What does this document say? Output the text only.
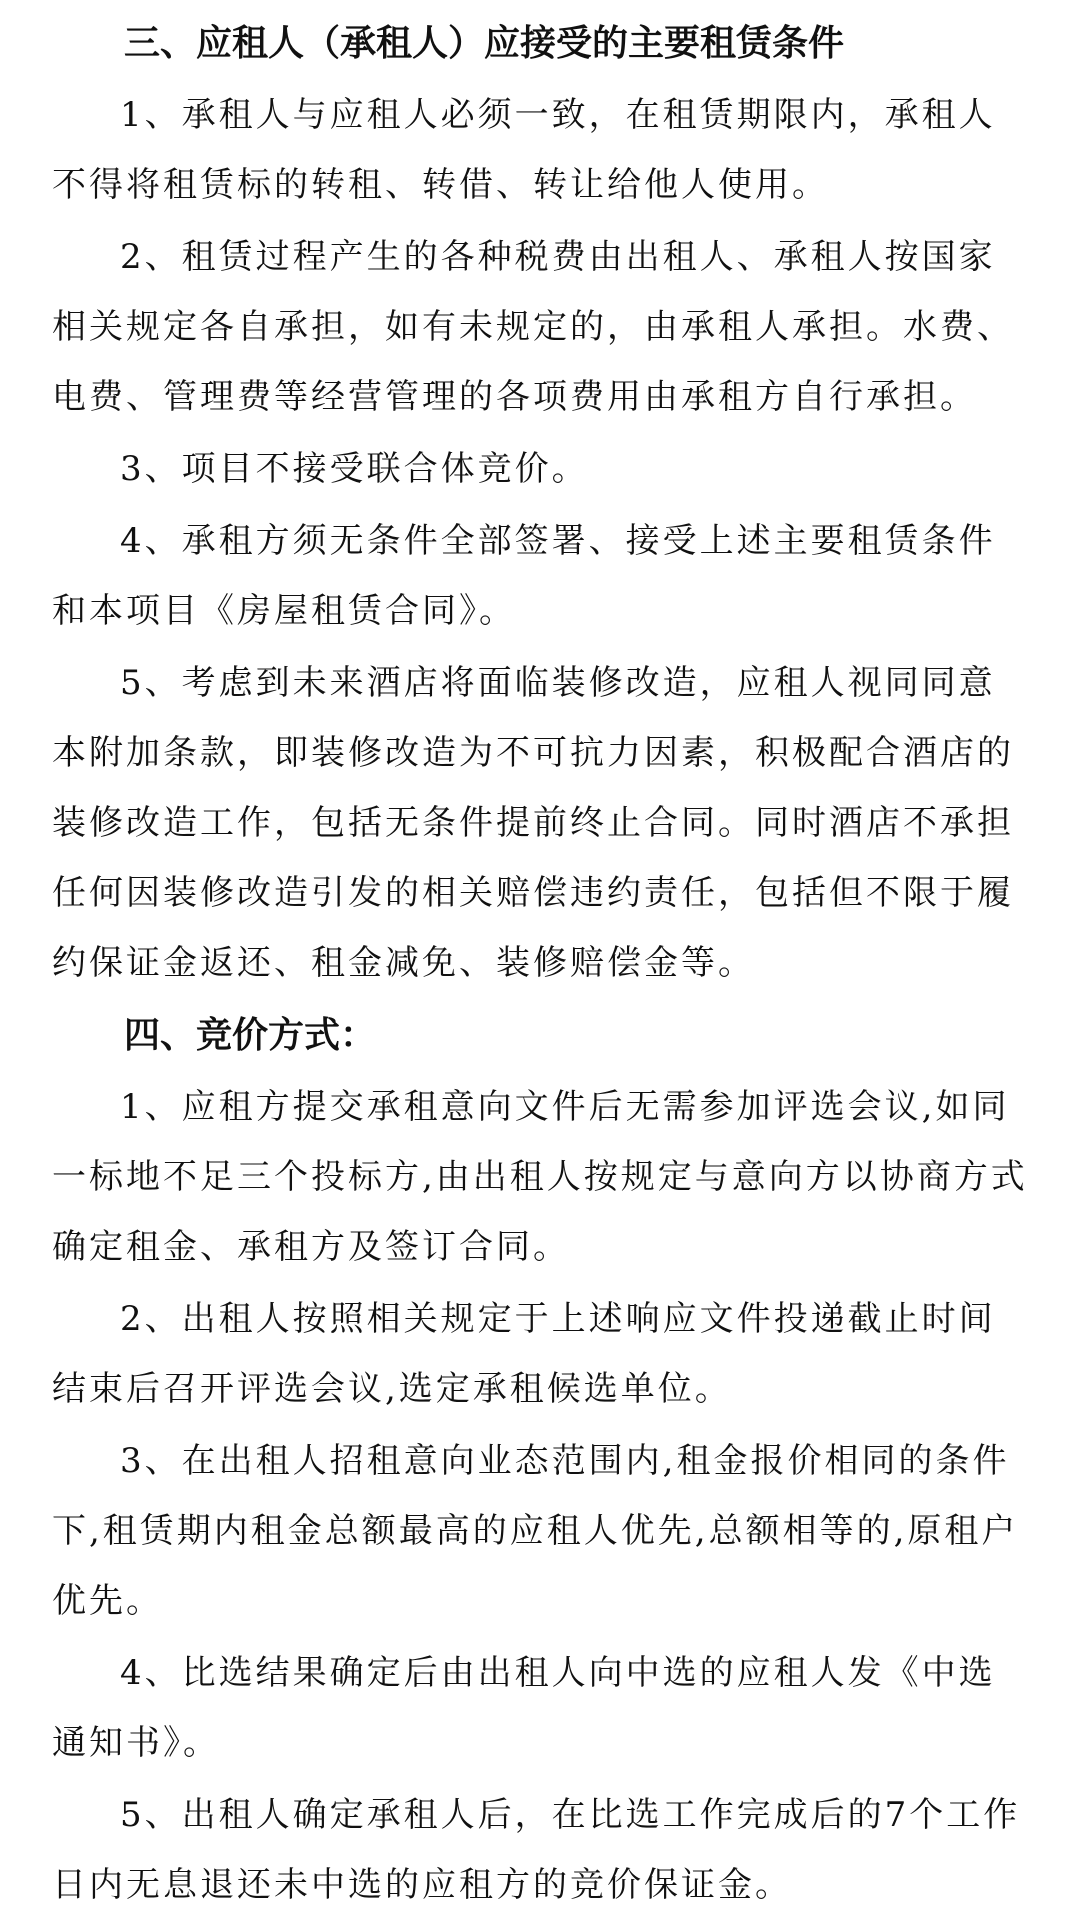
三、应租人（承租人）应接受的主要租赁条件

1、承租人与应租人必须一致，在租赁期限内，承租人不得将租赁标的转租、转借、转让给他人使用。

2、租赁过程产生的各种税费由出租人、承租人按国家相关规定各自承担，如有未规定的，由承租人承担。水费、电费、管理费等经营管理的各项费用由承租方自行承担。

3、项目不接受联合体竞价。

4、承租方须无条件全部签署、接受上述主要租赁条件和本项目《房屋租赁合同》。

5、考虑到未来酒店将面临装修改造，应租人视同同意本附加条款，即装修改造为不可抗力因素，积极配合酒店的装修改造工作，包括无条件提前终止合同。同时酒店不承担任何因装修改造引发的相关赔偿违约责任，包括但不限于履约保证金返还、租金减免、装修赔偿金等。

四、竞价方式：

1、应租方提交承租意向文件后无需参加评选会议,如同一标地不足三个投标方,由出租人按规定与意向方以协商方式确定租金、承租方及签订合同。

2、出租人按照相关规定于上述响应文件投递截止时间结束后召开评选会议,选定承租候选单位。

3、在出租人招租意向业态范围内,租金报价相同的条件下,租赁期内租金总额最高的应租人优先,总额相等的,原租户优先。

4、比选结果确定后由出租人向中选的应租人发《中选通知书》。

5、出租人确定承租人后，在比选工作完成后的7个工作日内无息退还未中选的应租方的竞价保证金。
